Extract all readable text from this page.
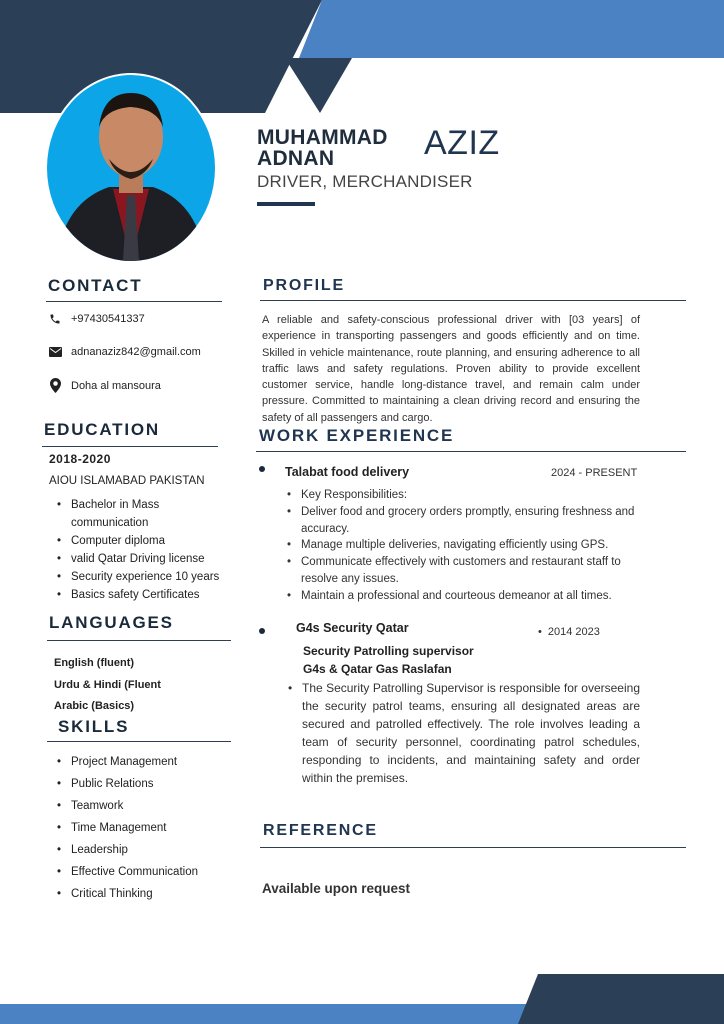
MUHAMMAD
ADNAN	AZIZ
DRIVER, MERCHANDISER
CONTACT
+97430541337
adnanaziz842@gmail.com
Doha al mansoura
EDUCATION
2018-2020
AIOU ISLAMABAD PAKISTAN
• Bachelor in Mass communication
• Computer diploma
• valid Qatar Driving license
• Security experience 10 years
• Basics safety Certificates
LANGUAGES
English (fluent)
Urdu & Hindi (Fluent
Arabic (Basics)
SKILLS
• Project Management
• Public Relations
• Teamwork
• Time Management
• Leadership
• Effective Communication
• Critical Thinking
PROFILE
A reliable and safety-conscious professional driver with [03 years] of experience in transporting passengers and goods efficiently and on time. Skilled in vehicle maintenance, route planning, and ensuring adherence to all traffic laws and safety regulations. Proven ability to provide excellent customer service, handle long-distance travel, and remain calm under pressure. Committed to maintaining a clean driving record and ensuring the safety of all passengers and cargo.
WORK EXPERIENCE
Talabat food delivery	2024 - PRESENT
• Key Responsibilities:
• Deliver food and grocery orders promptly, ensuring freshness and accuracy.
• Manage multiple deliveries, navigating efficiently using GPS.
• Communicate effectively with customers and restaurant staff to resolve any issues.
• Maintain a professional and courteous demeanor at all times.
G4s Security Qatar	• 2014 2023
Security Patrolling supervisor
G4s & Qatar Gas Raslafan
• The Security Patrolling Supervisor is responsible for overseeing the security patrol teams, ensuring all designated areas are secured and patrolled effectively. The role involves leading a team of security personnel, coordinating patrol schedules, responding to incidents, and maintaining safety and order within the premises.
REFERENCE
Available upon request
